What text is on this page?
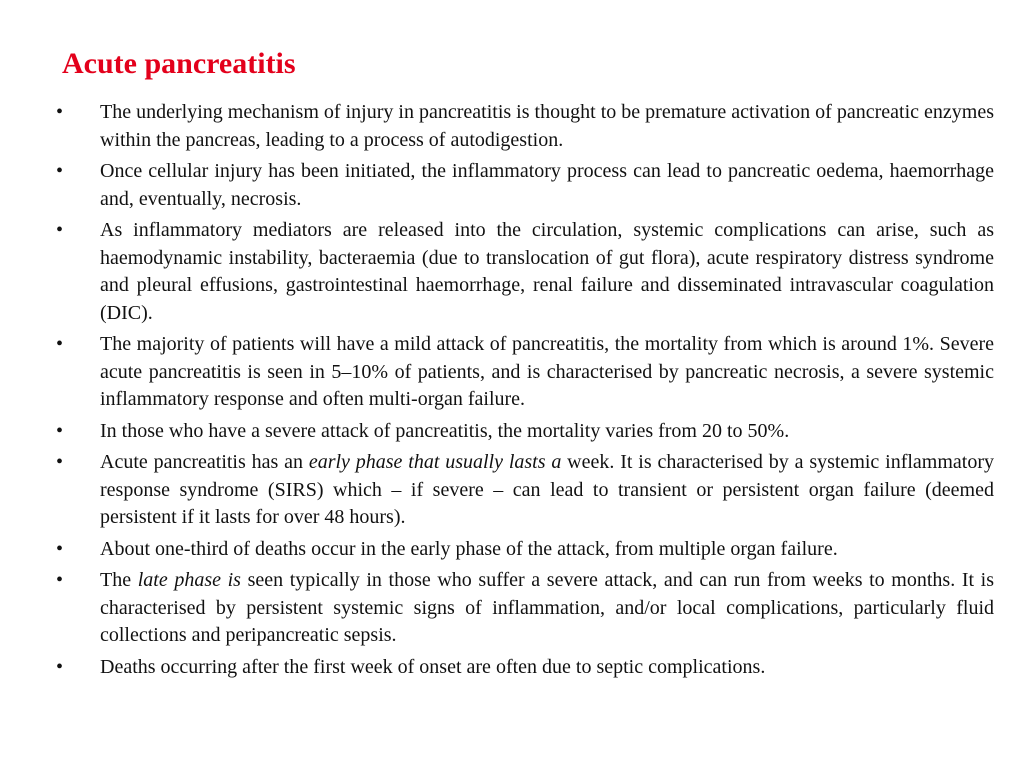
Acute pancreatitis
•	The underlying mechanism of injury in pancreatitis is thought to be premature activation of pancreatic enzymes within the pancreas, leading to a process of autodigestion.
•	Once cellular injury has been initiated, the inflammatory process can lead to pancreatic oedema, haemorrhage and, eventually, necrosis.
•	As inflammatory mediators are released into the circulation, systemic complications can arise, such as haemodynamic instability, bacteraemia (due to translocation of gut flora), acute respiratory distress syndrome and pleural effusions, gastrointestinal haemorrhage, renal failure and disseminated intravascular coagulation (DIC).
•	The majority of patients will have a mild attack of pancreatitis, the mortality from which is around 1%. Severe acute pancreatitis is seen in 5–10% of patients, and is characterised by pancreatic necrosis, a severe systemic inflammatory response and often multi-organ failure.
•	In those who have a severe attack of pancreatitis, the mortality varies from 20 to 50%.
•	Acute pancreatitis has an early phase that usually lasts a week. It is characterised by a systemic inflammatory response syndrome (SIRS) which – if severe – can lead to transient or persistent organ failure (deemed persistent if it lasts for over 48 hours).
•	About one-third of deaths occur in the early phase of the attack, from multiple organ failure.
•	The late phase is seen typically in those who suffer a severe attack, and can run from weeks to months. It is characterised by persistent systemic signs of inflammation, and/or local complications, particularly fluid collections and peripancreatic sepsis.
•	Deaths occurring after the first week of onset are often due to septic complications.
